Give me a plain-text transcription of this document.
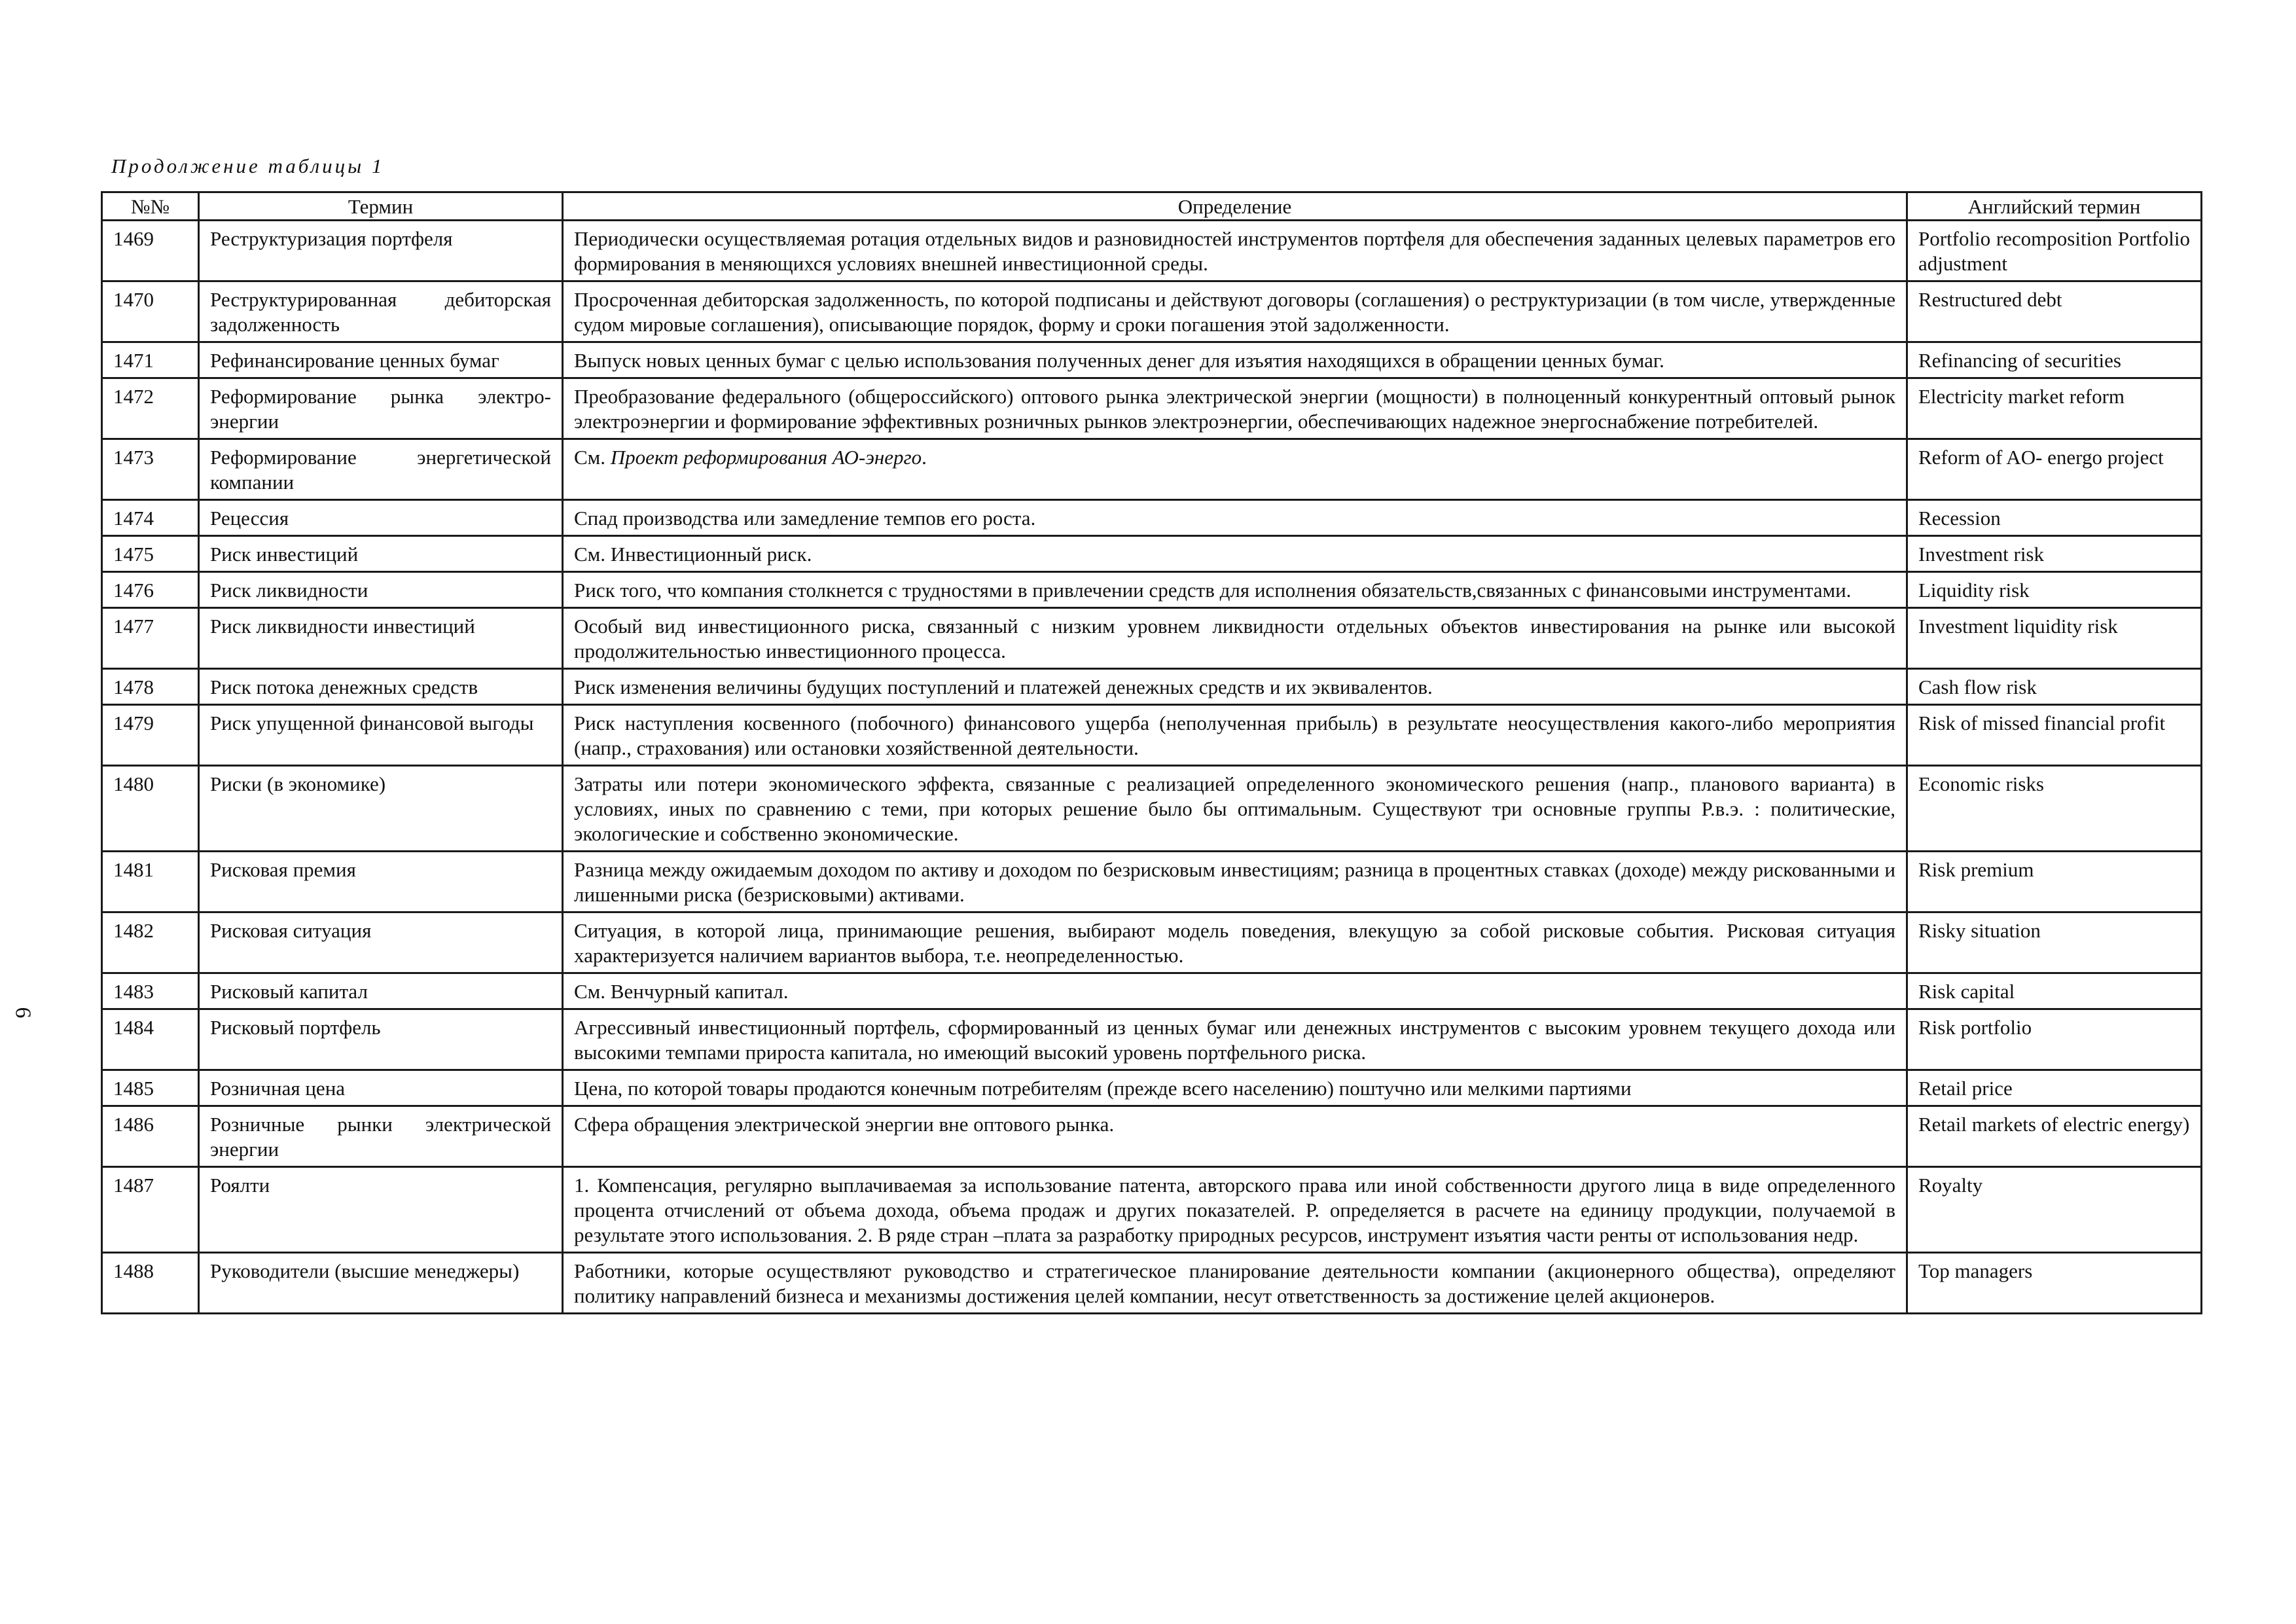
Продолжение таблицы 1
6
№№	Термин	Определение	Английский термин
1469	Реструктуризация портфеля	Периодически осуществляемая ротация отдельных видов и разновидностей инструментов портфеля для обеспечения заданных целевых параметров его формирования в меняющихся условиях внешней инвестиционной среды.	Portfolio recomposition Portfolio adjustment
1470	Реструктурированная дебиторская задолженность	Просроченная дебиторская задолженность, по которой подписаны и действуют договоры (соглашения) о реструктуризации (в том числе, утвержденные судом мировые соглашения), описывающие порядок, форму и сроки погашения этой задолженности.	Restructured debt
1471	Рефинансирование ценных бумаг	Выпуск новых ценных бумаг с целью использования полученных денег для изъятия находящихся в обращении ценных бумаг.	Refinancing of securities
1472	Реформирование рынка электро-энергии	Преобразование федерального (общероссийского) оптового рынка электрической энергии (мощности) в полноценный конкурентный оптовый рынок электроэнергии и формирование эффективных розничных рынков электроэнергии, обеспечивающих надежное энергоснабжение потребителей.	Electricity market reform
1473	Реформирование энергетической компании	См. Проект реформирования АО-энерго.	Reform of AO- energo project
1474	Рецессия	Спад производства или замедление темпов его роста.	Recession
1475	Риск инвестиций	См. Инвестиционный риск.	Investment risk
1476	Риск ликвидности	Риск того, что компания столкнется с трудностями в привлечении средств для исполнения обязательств,связанных с финансовыми инструментами.	Liquidity risk
1477	Риск ликвидности инвестиций	Особый вид инвестиционного риска, связанный с низким уровнем ликвидности отдельных объектов инвестирования на рынке или высокой продолжительностью инвестиционного процесса.	Investment liquidity risk
1478	Риск потока денежных средств	Риск изменения величины будущих поступлений и платежей денежных средств и их эквивалентов.	Cash flow risk
1479	Риск упущенной финансовой выгоды	Риск наступления косвенного (побочного) финансового ущерба (неполученная прибыль) в результате неосуществления какого-либо мероприятия (напр., страхования) или остановки хозяйственной деятельности.	Risk of missed financial profit
1480	Риски (в экономике)	Затраты или потери экономического эффекта, связанные с реализацией определенного экономического решения (напр., планового варианта) в условиях, иных по сравнению с теми, при которых решение было бы оптимальным. Существуют три основные группы Р.в.э. : политические, экологические и собственно экономические.	Economic risks
1481	Рисковая премия	Разница между ожидаемым доходом по активу и доходом по безрисковым инвестициям; разница в процентных ставках (доходе) между рискованными и лишенными риска (безрисковыми) активами.	Risk premium
1482	Рисковая ситуация	Ситуация, в которой лица, принимающие решения, выбирают модель поведения, влекущую за собой рисковые события. Рисковая ситуация характеризуется наличием вариантов выбора, т.е. неопределенностью.	Risky situation
1483	Рисковый капитал	См. Венчурный капитал.	Risk capital
1484	Рисковый портфель	Агрессивный инвестиционный портфель, сформированный из ценных бумаг или денежных инструментов с высоким уровнем текущего дохода или высокими темпами прироста капитала, но имеющий высокий уровень портфельного риска.	Risk portfolio
1485	Розничная цена	Цена, по которой товары продаются конечным потребителям (прежде всего населению) поштучно или мелкими партиями	Retail price
1486	Розничные рынки электрической энергии	Сфера обращения электрической энергии вне оптового рынка.	Retail markets of electric energy)
1487	Роялти	1. Компенсация, регулярно выплачиваемая за использование патента, авторского права или иной собственности другого лица в виде определенного процента отчислений от объема дохода, объема продаж и других показателей. Р. определяется в расчете на единицу продукции, получаемой в результате этого использования. 2. В ряде стран –плата за разработку природных ресурсов, инструмент изъятия части ренты от использования недр.	Royalty
1488	Руководители (высшие менеджеры)	Работники, которые осуществляют руководство и стратегическое планирование деятельности компании (акционерного общества), определяют политику направлений бизнеса и механизмы достижения целей компании, несут ответственность за достижение целей акционеров.	Top managers
